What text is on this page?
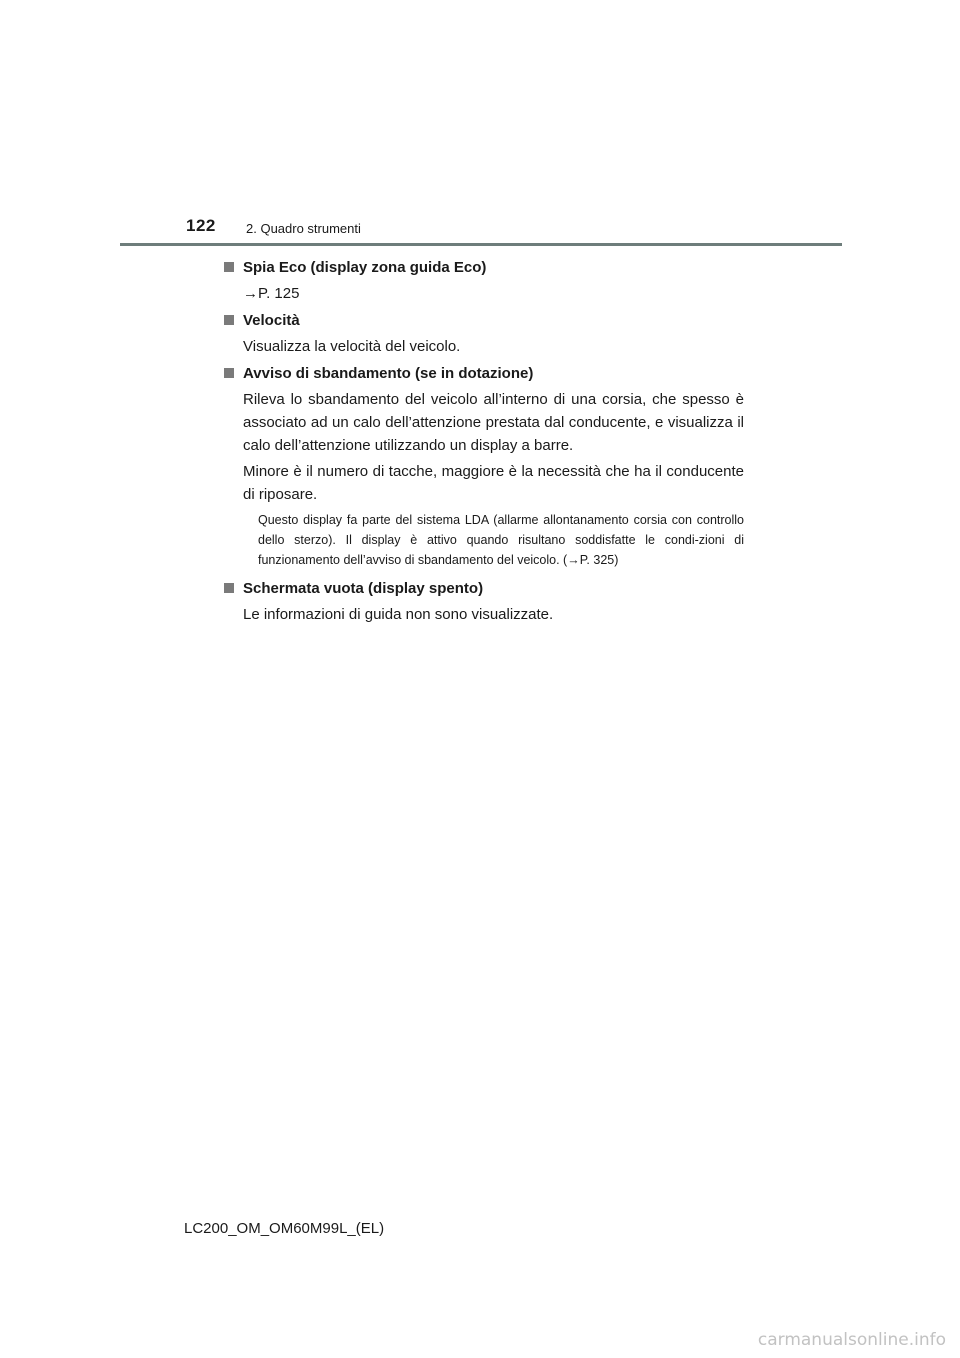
122 2. Quadro strumenti
Spia Eco (display zona guida Eco)
→P. 125
Velocità
Visualizza la velocità del veicolo.
Avviso di sbandamento (se in dotazione)
Rileva lo sbandamento del veicolo all’interno di una corsia, che spesso è associato ad un calo dell’attenzione prestata dal conducente, e visualizza il calo dell’attenzione utilizzando un display a barre.
Minore è il numero di tacche, maggiore è la necessità che ha il conducente di riposare.
Questo display fa parte del sistema LDA (allarme allontanamento corsia con controllo dello sterzo). Il display è attivo quando risultano soddisfatte le condi-zioni di funzionamento dell’avviso di sbandamento del veicolo. (→P. 325)
Schermata vuota (display spento)
Le informazioni di guida non sono visualizzate.
LC200_OM_OM60M99L_(EL)
carmanualsonline.info
